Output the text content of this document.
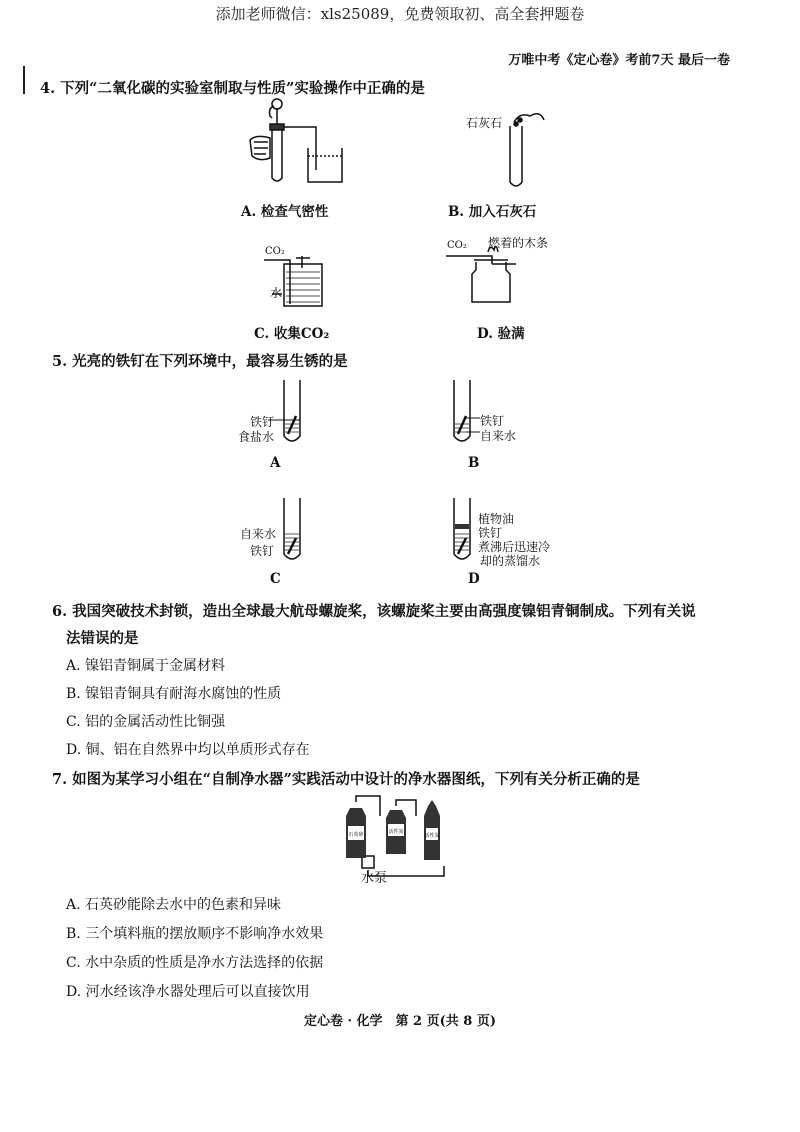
添加老师微信：xls25089，免费领取初、高全套押题卷
万唯中考《定心卷》考前7天 最后一卷
4. 下列“二氧化碳的实验室制取与性质”实验操作中正确的是
A. 检查气密性
石灰石
B. 加入石灰石
CO₂
水
C. 收集CO₂
CO₂ 燃着的木条
D. 验满
5. 光亮的铁钉在下列环境中，最容易生锈的是
铁钉
食盐水
A
铁钉
自来水
B
自来水
铁钉
C
植物油
铁钉
煮沸后迅速冷
却的蒸馏水
D
6. 我国突破技术封锁，造出全球最大航母螺旋桨，该螺旋桨主要由高强度镍铝青铜制成。下列有关说
法错误的是
A. 镍铝青铜属于金属材料
B. 镍铝青铜具有耐海水腐蚀的性质
C. 铝的金属活动性比铜强
D. 铜、铝在自然界中均以单质形式存在
7. 如图为某学习小组在“自制净水器”实践活动中设计的净水器图纸，下列有关分析正确的是
石英砂	活性炭
活性炭
水泵
A. 石英砂能除去水中的色素和异味
B. 三个填料瓶的摆放顺序不影响净水效果
C. 水中杂质的性质是净水方法选择的依据
D. 河水经该净水器处理后可以直接饮用
定心卷 · 化学　第 2 页(共 8 页)
